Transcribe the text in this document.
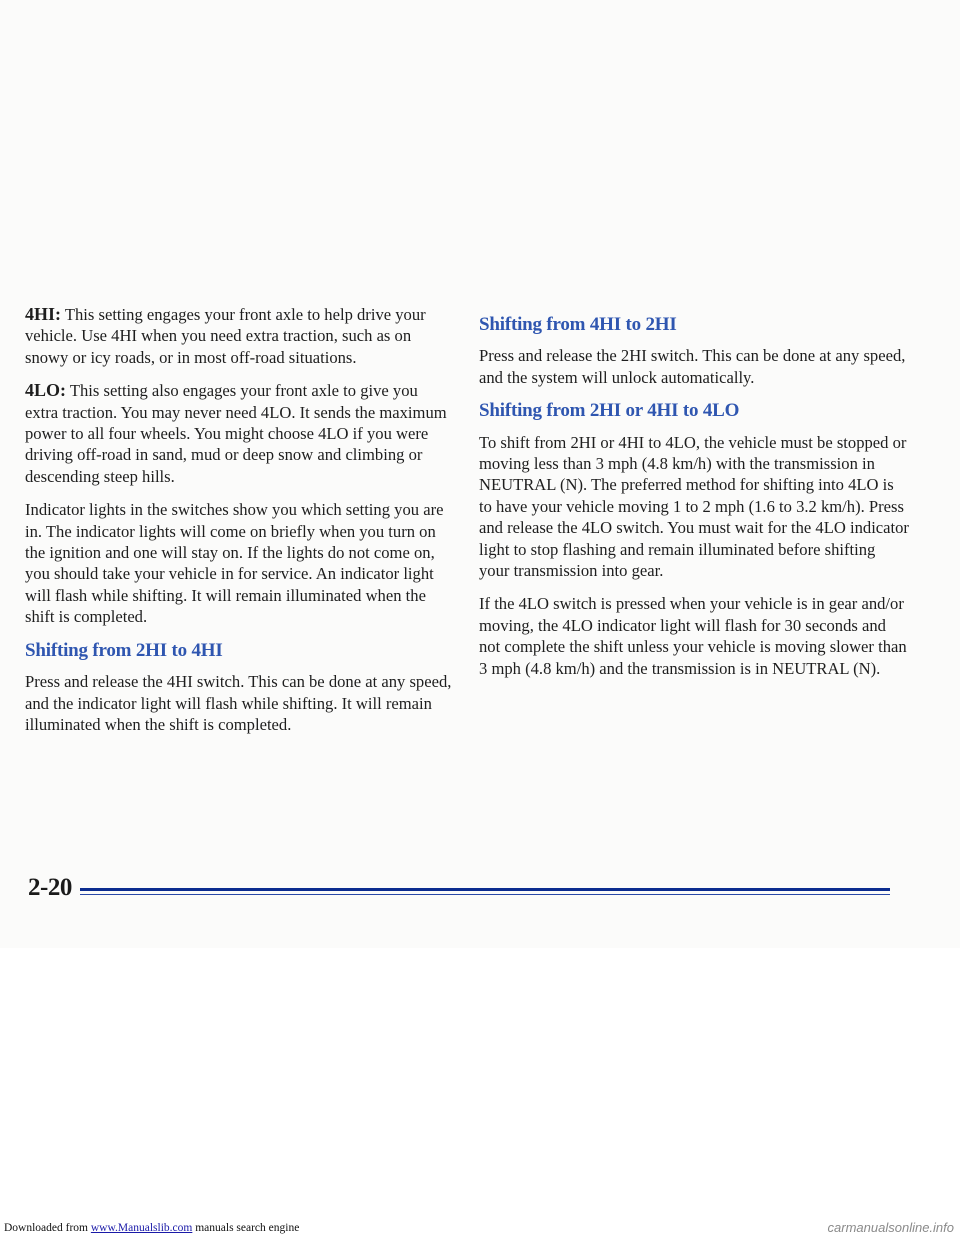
4HI: This setting engages your front axle to help drive your vehicle. Use 4HI when you need extra traction, such as on snowy or icy roads, or in most off-road situations.

4LO: This setting also engages your front axle to give you extra traction. You may never need 4LO. It sends the maximum power to all four wheels. You might choose 4LO if you were driving off-road in sand, mud or deep snow and climbing or descending steep hills.

Indicator lights in the switches show you which setting you are in. The indicator lights will come on briefly when you turn on the ignition and one will stay on. If the lights do not come on, you should take your vehicle in for service. An indicator light will flash while shifting. It will remain illuminated when the shift is completed.

Shifting from 2HI to 4HI

Press and release the 4HI switch. This can be done at any speed, and the indicator light will flash while shifting. It will remain illuminated when the shift is completed.

Shifting from 4HI to 2HI

Press and release the 2HI switch. This can be done at any speed, and the system will unlock automatically.

Shifting from 2HI or 4HI to 4LO

To shift from 2HI or 4HI to 4LO, the vehicle must be stopped or moving less than 3 mph (4.8 km/h) with the transmission in NEUTRAL (N). The preferred method for shifting into 4LO is to have your vehicle moving 1 to 2 mph (1.6 to 3.2 km/h). Press and release the 4LO switch. You must wait for the 4LO indicator light to stop flashing and remain illuminated before shifting your transmission into gear.

If the 4LO switch is pressed when your vehicle is in gear and/or moving, the 4LO indicator light will flash for 30 seconds and not complete the shift unless your vehicle is moving slower than 3 mph (4.8 km/h) and the transmission is in NEUTRAL (N).

2-20
Downloaded from www.Manualslib.com manuals search engine	carmanualsonline.info
